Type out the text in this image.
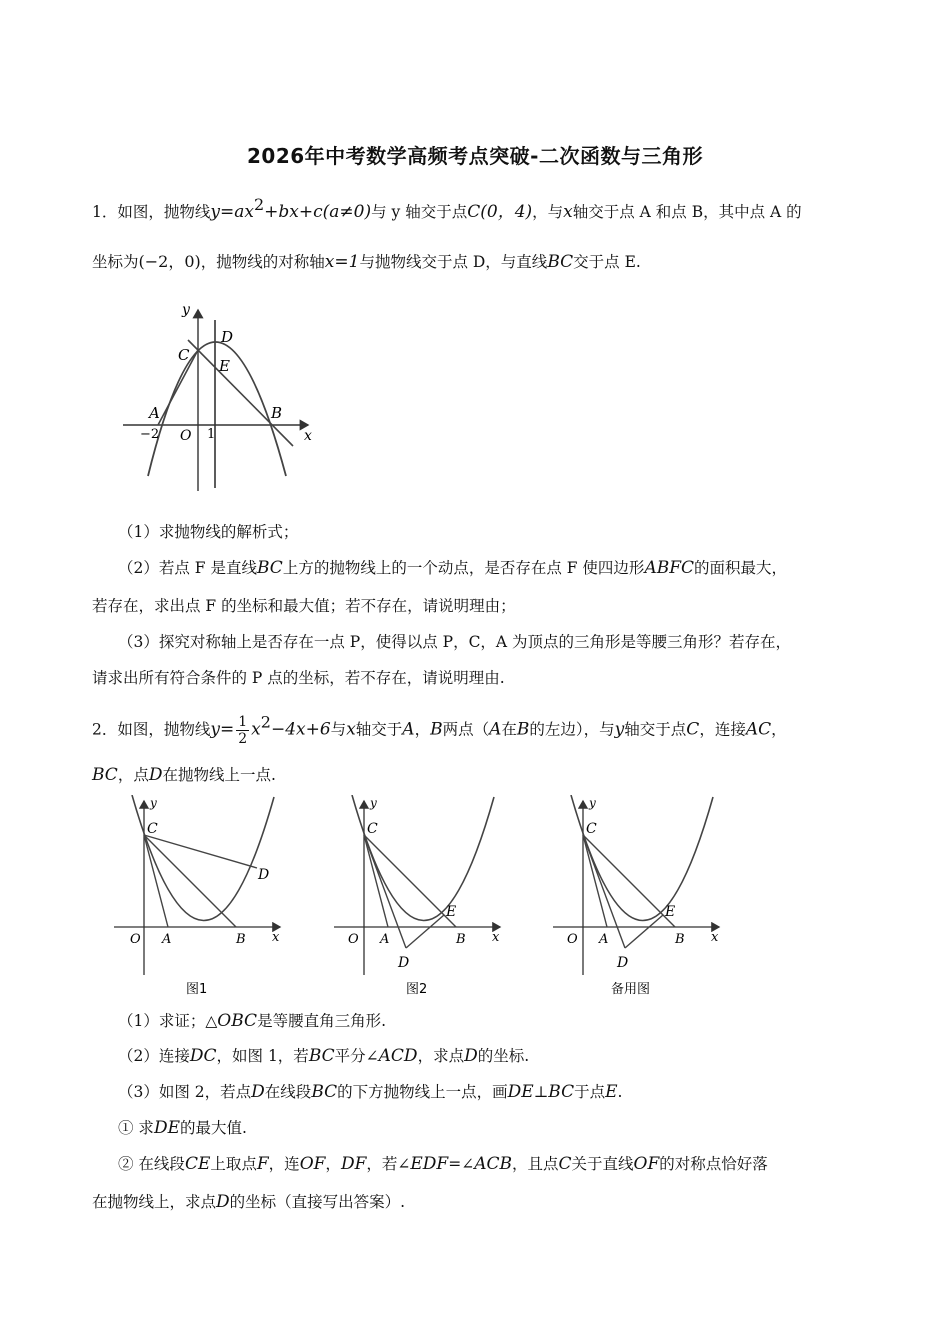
2026年中考数学高频考点突破-二次函数与三角形
1．如图，抛物线$y=ax^2+bx+c(a\ne 0)$与 y 轴交于点C(0，4)，与x轴交于点 A 和点 B，其中点 A 的
坐标为(−2，0)，抛物线的对称轴x=1与抛物线交于点 D，与直线BC交于点 E.
y
x
D
C
E
A	B
O
−2	1
（1）求抛物线的解析式；
（2）若点 F 是直线BC上方的抛物线上的一个动点，是否存在点 F 使四边形ABFC的面积最大，
若存在，求出点 F 的坐标和最大值；若不存在，请说明理由；
（3）探究对称轴上是否存在一点 P，使得以点 P，C，A 为顶点的三角形是等腰三角形？若存在，
请求出所有符合条件的 P 点的坐标，若不存在，请说明理由.
2．如图，抛物线$y= \frac{1}{2} x^2-4x+6$与x轴交于A，B两点（A在B的左边），与y轴交于点C，连接AC，
BC，点D在抛物线上一点.
y
x
C
D
O A	B
图1
y
x
C
E
D
O A	B
图2
y
x
C
E
D
O A	B
备用图
（1）求证；△OBC是等腰直角三角形.
（2）连接DC，如图 1，若BC平分∠ACD，求点D的坐标.
（3）如图 2，若点D在线段BC的下方抛物线上一点，画DE⊥BC于点E.
① 求DE的最大值.
② 在线段CE上取点F，连OF，DF，若∠EDF=∠ACB，且点C关于直线OF的对称点恰好落
在抛物线上，求点D的坐标（直接写出答案）.
